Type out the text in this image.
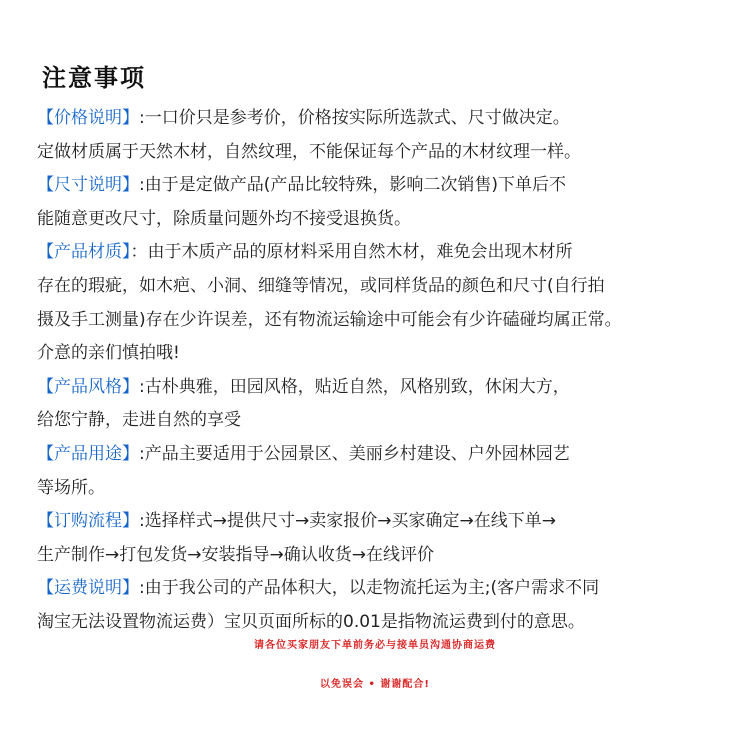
注意事项
【价格说明】:一口价只是参考价，价格按实际所选款式、尺寸做决定。
定做材质属于天然木材，自然纹理，不能保证每个产品的木材纹理一样。
【尺寸说明】:由于是定做产品(产品比较特殊，影响二次销售)下单后不
能随意更改尺寸，除质量问题外均不接受退换货。
【产品材质】：由于木质产品的原材料采用自然木材，难免会出现木材所
存在的瑕疵，如木疤、小洞、细缝等情况，或同样货品的颜色和尺寸(自行拍
摄及手工测量)存在少许误差，还有物流运输途中可能会有少许磕碰均属正常。
介意的亲们慎拍哦!
【产品风格】:古朴典雅，田园风格，贴近自然，风格别致，休闲大方，
给您宁静，走进自然的享受
【产品用途】:产品主要适用于公园景区、美丽乡村建设、户外园林园艺
等场所。
【订购流程】:选择样式→提供尺寸→卖家报价→买家确定→在线下单→
生产制作→打包发货→安装指导→确认收货→在线评价
【运费说明】:由于我公司的产品体积大，以走物流托运为主;(客户需求不同
淘宝无法设置物流运费）宝贝页面所标的0.01是指物流运费到付的意思。
请各位买家朋友下单前务必与接单员沟通协商运费
以免误会 • 谢谢配合!
